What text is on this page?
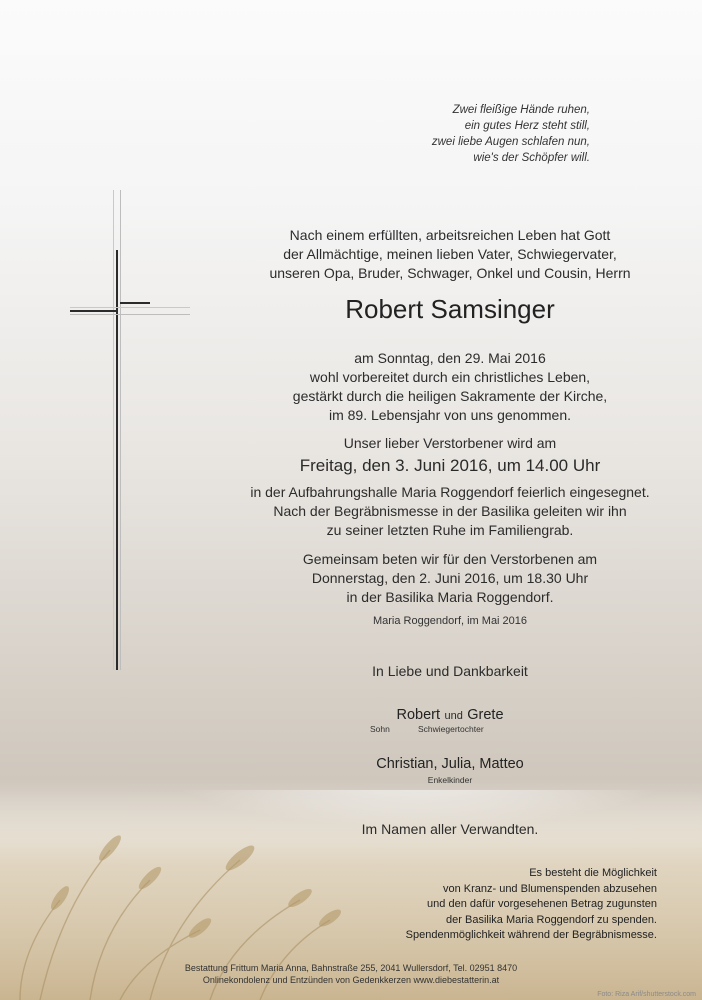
Zwei fleißige Hände ruhen,
ein gutes Herz steht still,
zwei liebe Augen schlafen nun,
wie's der Schöpfer will.
Nach einem erfüllten, arbeitsreichen Leben hat Gott
der Allmächtige, meinen lieben Vater, Schwiegervater,
unseren Opa, Bruder, Schwager, Onkel und Cousin, Herrn
Robert Samsinger
am Sonntag, den 29. Mai 2016
wohl vorbereitet durch ein christliches Leben,
gestärkt durch die heiligen Sakramente der Kirche,
im 89. Lebensjahr von uns genommen.
Unser lieber Verstorbener wird am
Freitag, den 3. Juni 2016, um 14.00 Uhr
in der Aufbahrungshalle Maria Roggendorf feierlich eingesegnet.
Nach der Begräbnismesse in der Basilika geleiten wir ihn
zu seiner letzten Ruhe im Familiengrab.
Gemeinsam beten wir für den Verstorbenen am
Donnerstag, den 2. Juni 2016, um 18.30 Uhr
in der Basilika Maria Roggendorf.
Maria Roggendorf, im Mai 2016
In Liebe und Dankbarkeit
Robert und Grete
Sohn	Schwiegertochter
Christian, Julia, Matteo
Enkelkinder
Im Namen aller Verwandten.
Es besteht die Möglichkeit
von Kranz- und Blumenspenden abzusehen
und den dafür vorgesehenen Betrag zugunsten
der Basilika Maria Roggendorf zu spenden.
Spendenmöglichkeit während der Begräbnismesse.
Bestattung Frittum Maria Anna, Bahnstraße 255, 2041 Wullersdorf, Tel. 02951 8470
Onlinekondolenz und Entzünden von Gedenkkerzen www.diebestatterin.at
Foto: Riza Arif/shutterstock.com
